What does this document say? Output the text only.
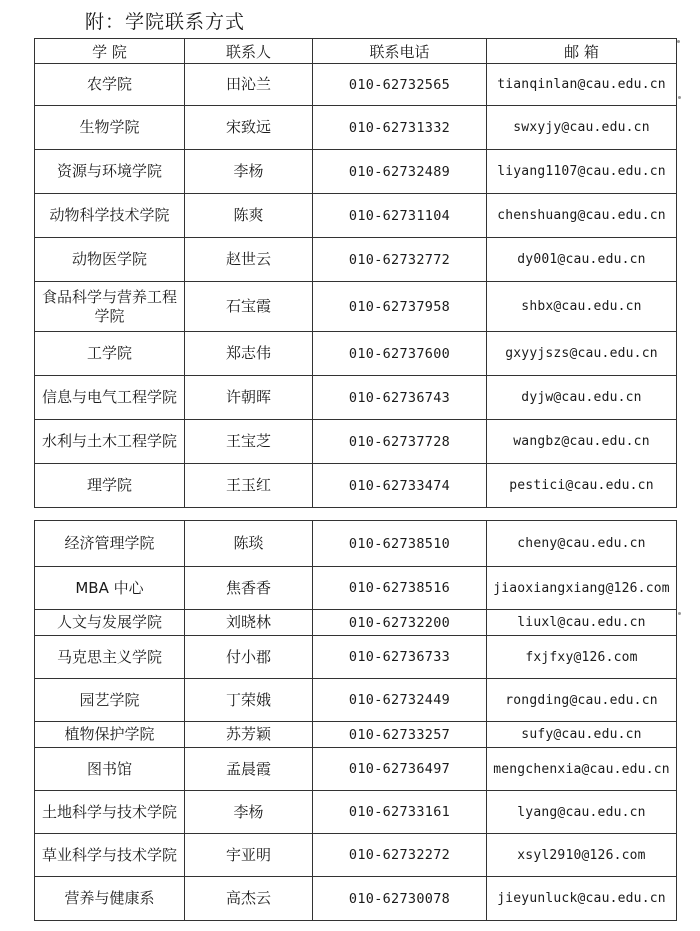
附：学院联系方式
学 院	联系人	联系电话	邮 箱
农学院	田沁兰	010-62732565	tianqinlan@cau.edu.cn
生物学院	宋致远	010-62731332	swxyjy@cau.edu.cn
资源与环境学院	李杨	010-62732489	liyang1107@cau.edu.cn
动物科学技术学院	陈爽	010-62731104	chenshuang@cau.edu.cn
动物医学院	赵世云	010-62732772	dy001@cau.edu.cn
食品科学与营养工程学院	石宝霞	010-62737958	shbx@cau.edu.cn
工学院	郑志伟	010-62737600	gxyyjszs@cau.edu.cn
信息与电气工程学院	许朝晖	010-62736743	dyjw@cau.edu.cn
水利与土木工程学院	王宝芝	010-62737728	wangbz@cau.edu.cn
理学院	王玉红	010-62733474	pestici@cau.edu.cn
经济管理学院	陈琰	010-62738510	cheny@cau.edu.cn
MBA 中心	焦香香	010-62738516	jiaoxiangxiang@126.com
人文与发展学院	刘晓林	010-62732200	liuxl@cau.edu.cn
马克思主义学院	付小郡	010-62736733	fxjfxy@126.com
园艺学院	丁荣娥	010-62732449	rongding@cau.edu.cn
植物保护学院	苏芳颖	010-62733257	sufy@cau.edu.cn
图书馆	孟晨霞	010-62736497	mengchenxia@cau.edu.cn
土地科学与技术学院	李杨	010-62733161	lyang@cau.edu.cn
草业科学与技术学院	宇亚明	010-62732272	xsyl2910@126.com
营养与健康系	高杰云	010-62730078	jieyunluck@cau.edu.cn
